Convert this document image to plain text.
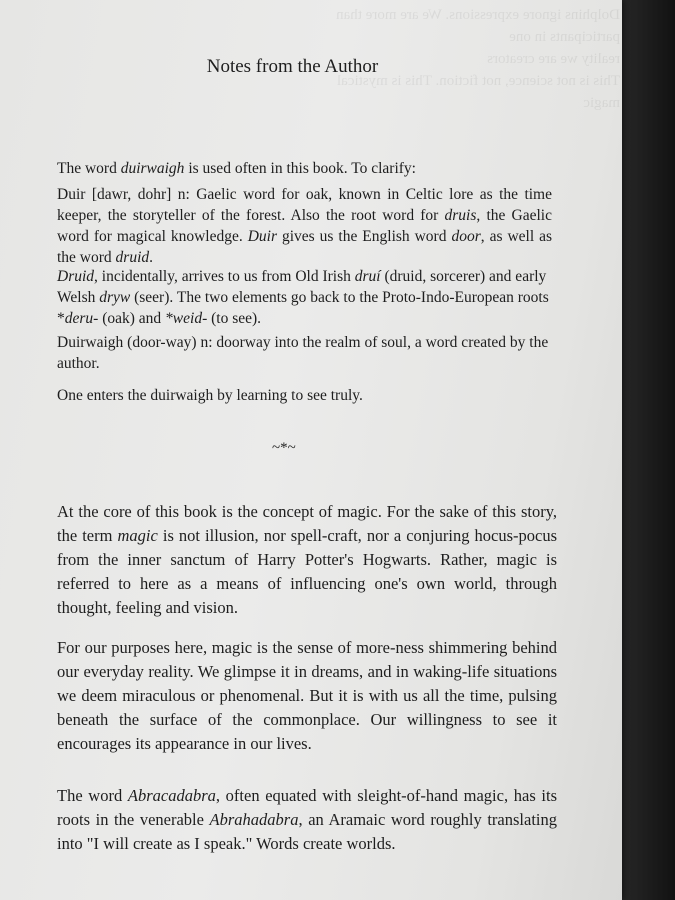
Dolphins ignore expressions. We are more than participants in one
reality we are creators
This is not science, not fiction. This is mystical magic
Notes from the Author

The word duirwaigh is used often in this book. To clarify:

Duir [dawr, dohr] n: Gaelic word for oak, known in Celtic lore as the time keeper, the storyteller of the forest. Also the root word for druis, the Gaelic word for magical knowledge. Duir gives us the English word door, as well as the word druid.

Druid, incidentally, arrives to us from Old Irish druí (druid, sorcerer) and early Welsh dryw (seer). The two elements go back to the Proto-Indo-European roots *deru- (oak) and *weid- (to see).

Duirwaigh (door-way) n: doorway into the realm of soul, a word created by the author.

One enters the duirwaigh by learning to see truly.

~*~

At the core of this book is the concept of magic. For the sake of this story, the term magic is not illusion, nor spell-craft, nor a conjuring hocus-pocus from the inner sanctum of Harry Potter's Hogwarts. Rather, magic is referred to here as a means of influencing one's own world, through thought, feeling and vision.

For our purposes here, magic is the sense of more-ness shimmering behind our everyday reality. We glimpse it in dreams, and in waking-life situations we deem miraculous or phenomenal. But it is with us all the time, pulsing beneath the surface of the commonplace. Our willingness to see it encourages its appearance in our lives.

The word Abracadabra, often equated with sleight-of-hand magic, has its roots in the venerable Abrahadabra, an Aramaic word roughly translating into "I will create as I speak." Words create worlds.
